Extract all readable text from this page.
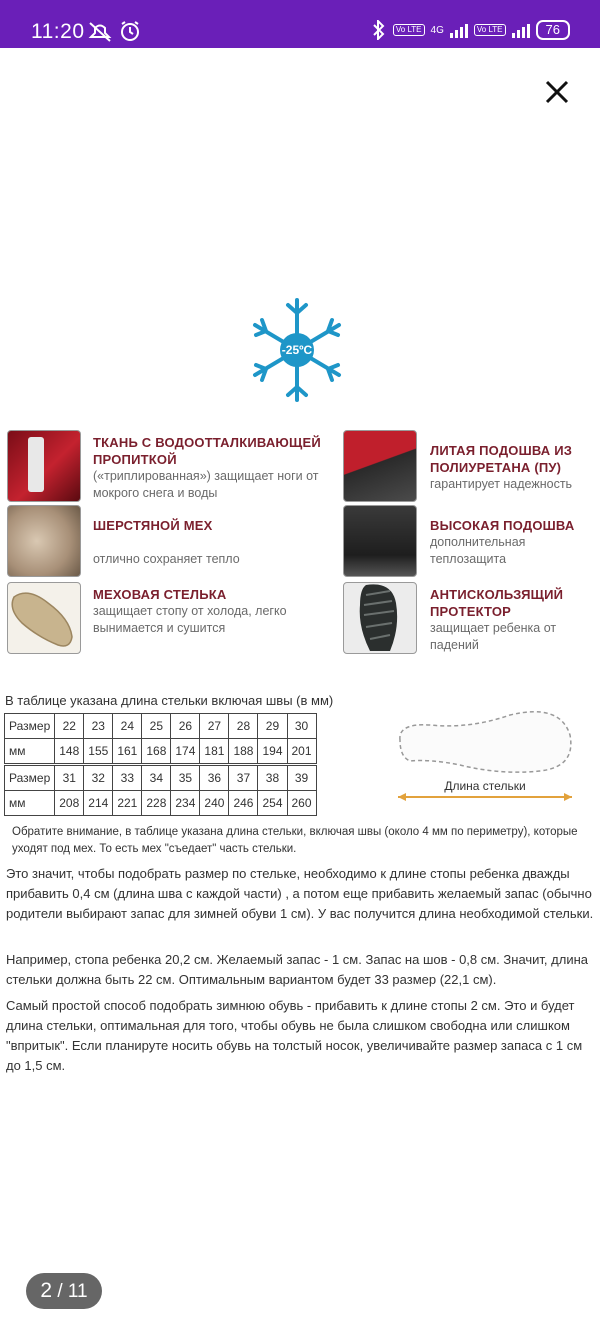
11:20	Vo LTE 4G	Vo LTE	76
-25ºC
ТКАНЬ С ВОДООТТАЛКИВАЮЩЕЙ ПРОПИТКОЙ
(«триплированная») защищает ноги от мокрого снега и воды
ЛИТАЯ ПОДОШВА ИЗ ПОЛИУРЕТАНА (ПУ)
гарантирует надежность
ШЕРСТЯНОЙ МЕХ
отлично сохраняет тепло
ВЫСОКАЯ ПОДОШВА
дополнительная теплозащита
МЕХОВАЯ СТЕЛЬКА
защищает стопу от холода, легко вынимается и сушится
АНТИСКОЛЬЗЯЩИЙ ПРОТЕКТОР
защищает ребенка от падений
В таблице указана длина стельки включая швы (в мм)
Размер	22	23	24	25	26	27	28	29	30
мм	148	155	161	168	174	181	188	194	201
Размер	31	32	33	34	35	36	37	38	39
мм	208	214	221	228	234	240	246	254	260
Длина стельки
Обратите внимание, в таблице указана длина стельки, включая швы (около 4 мм по периметру), которые уходят под мех. То есть мех "съедает" часть стельки.
Это значит, чтобы подобрать размер по стельке, необходимо к длине стопы ребенка дважды прибавить 0,4 см (длина шва с каждой части) , а потом еще прибавить желаемый запас (обычно родители выбирают запас для зимней обуви 1 см). У вас получится длина необходимой стельки.
Например, стопа ребенка 20,2 см. Желаемый запас - 1 см. Запас на шов - 0,8 см. Значит, длина стельки должна быть 22 см. Оптимальным вариантом будет 33 размер (22,1 см).
Самый простой способ подобрать зимнюю обувь - прибавить к длине стопы 2 см. Это и будет длина стельки, оптимальная для того, чтобы обувь не была слишком свободна или слишком "впритык". Если планируте носить обувь на толстый носок, увеличивайте размер запаса с 1 см до 1,5 см.
2 / 11
